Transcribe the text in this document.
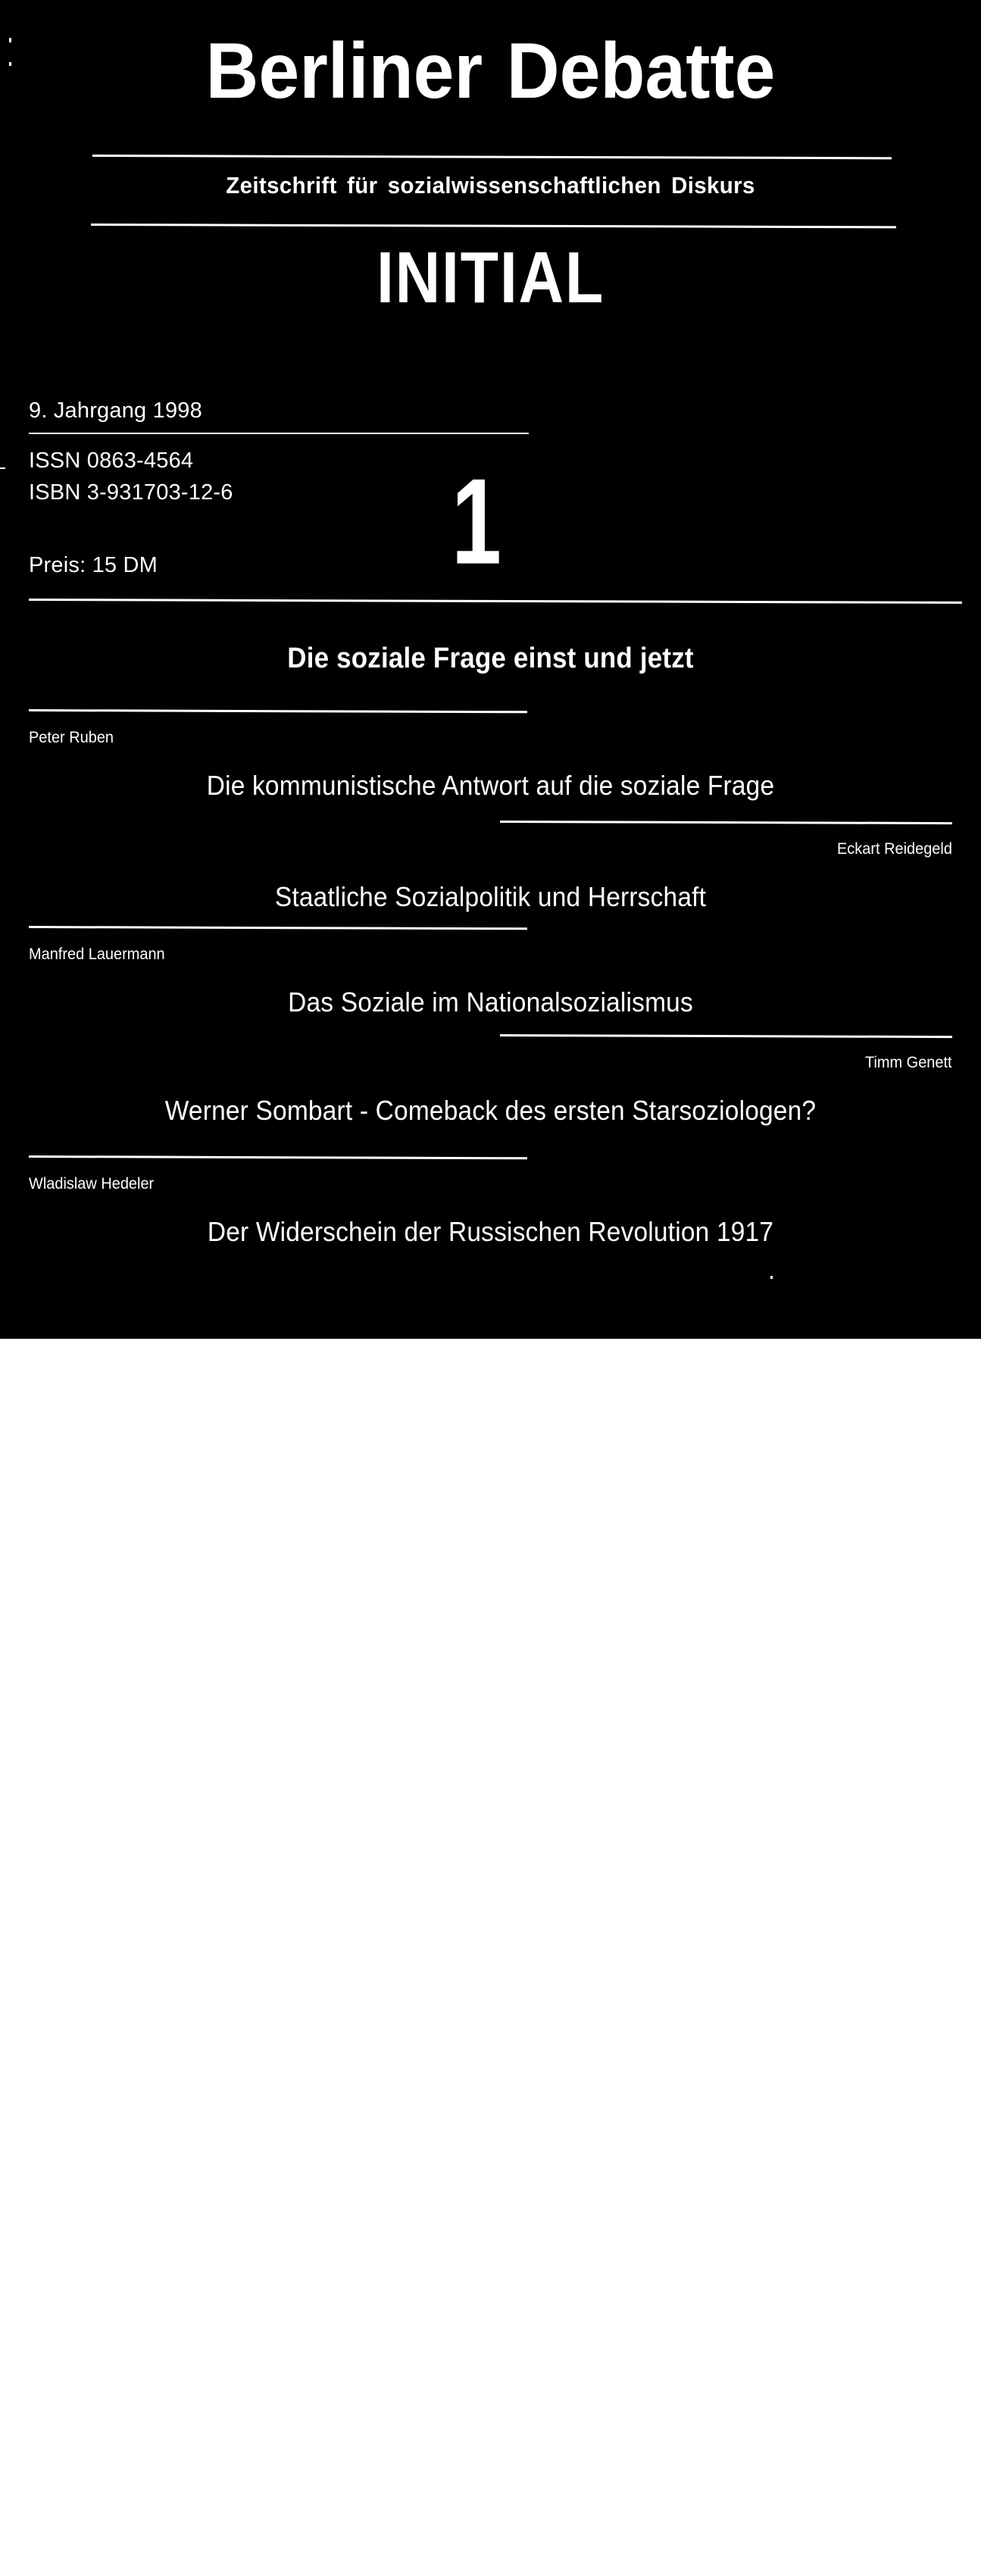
Berliner Debatte
Zeitschrift für sozialwissenschaftlichen Diskurs
INITIAL
9. Jahrgang 1998
ISSN 0863-4564
ISBN 3-931703-12-6
Preis: 15 DM	1
Die soziale Frage einst und jetzt
Peter Ruben
Die kommunistische Antwort auf die soziale Frage
Eckart Reidegeld
Staatliche Sozialpolitik und Herrschaft
Manfred Lauermann
Das Soziale im Nationalsozialismus
Timm Genett
Werner Sombart - Comeback des ersten Starsoziologen?
Wladislaw Hedeler
Der Widerschein der Russischen Revolution 1917
